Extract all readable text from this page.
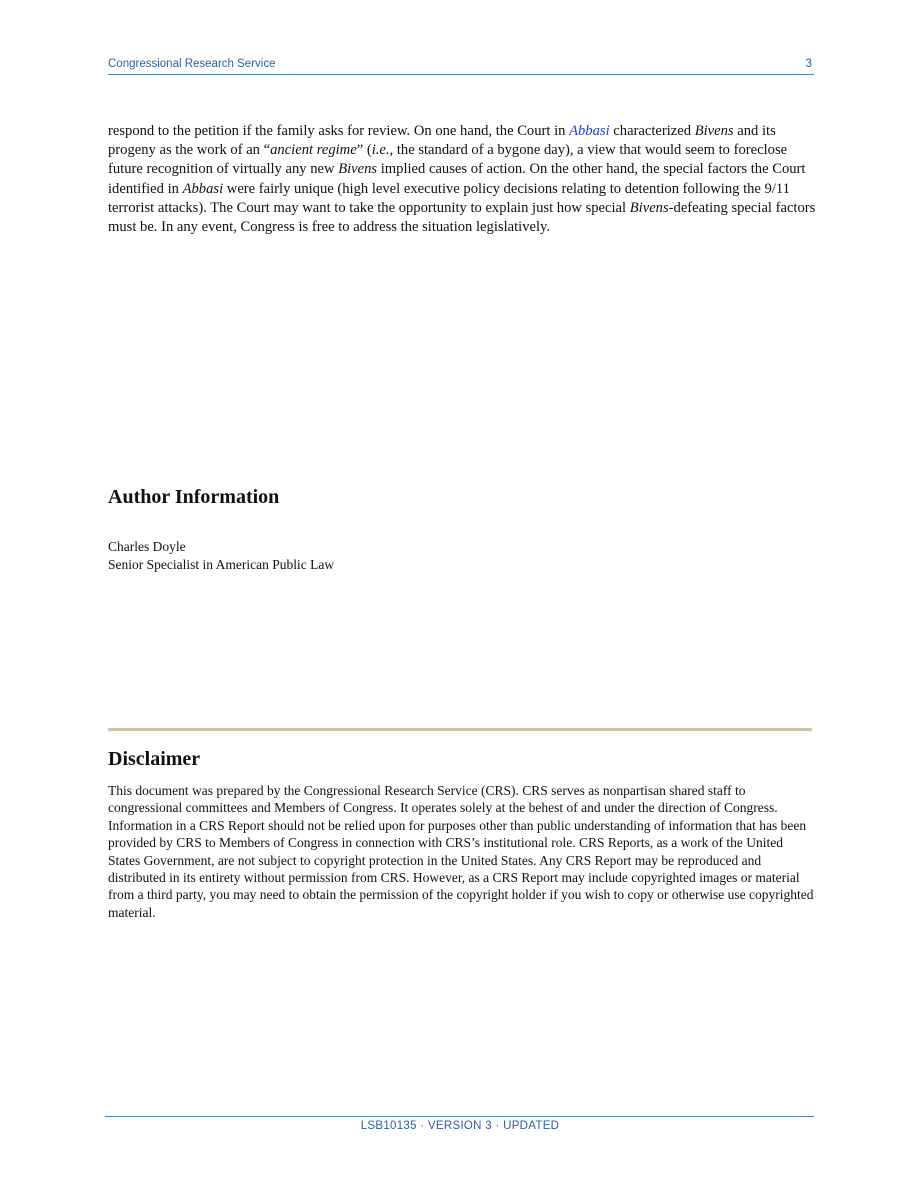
Congressional Research Service	3

respond to the petition if the family asks for review. On one hand, the Court in Abbasi characterized Bivens and its progeny as the work of an “ancient regime” (i.e., the standard of a bygone day), a view that would seem to foreclose future recognition of virtually any new Bivens implied causes of action. On the other hand, the special factors the Court identified in Abbasi were fairly unique (high level executive policy decisions relating to detention following the 9/11 terrorist attacks). The Court may want to take the opportunity to explain just how special Bivens-defeating special factors must be. In any event, Congress is free to address the situation legislatively.

Author Information
Charles Doyle
Senior Specialist in American Public Law
Disclaimer
This document was prepared by the Congressional Research Service (CRS). CRS serves as nonpartisan shared staff to congressional committees and Members of Congress. It operates solely at the behest of and under the direction of Congress. Information in a CRS Report should not be relied upon for purposes other than public understanding of information that has been provided by CRS to Members of Congress in connection with CRS’s institutional role. CRS Reports, as a work of the United States Government, are not subject to copyright protection in the United States. Any CRS Report may be reproduced and distributed in its entirety without permission from CRS. However, as a CRS Report may include copyrighted images or material from a third party, you may need to obtain the permission of the copyright holder if you wish to copy or otherwise use copyrighted material.
LSB10135 · VERSION 3 · UPDATED
